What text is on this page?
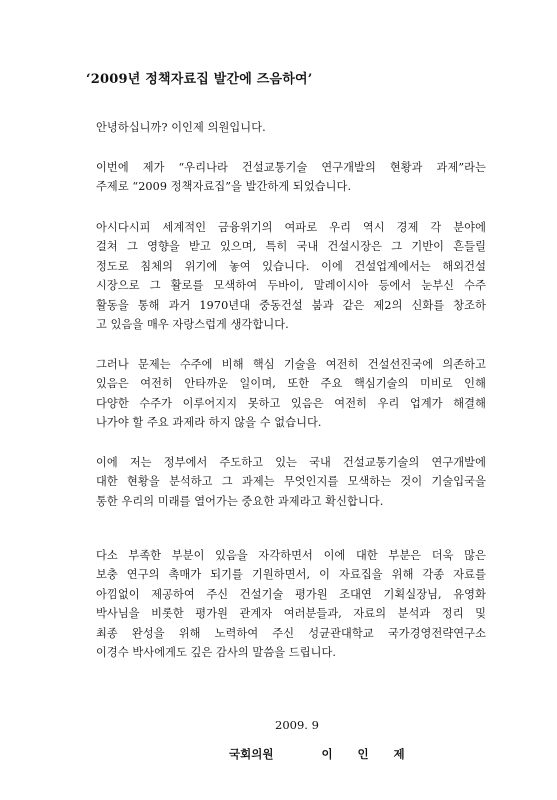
‘2009년 정책자료집 발간에 즈음하여’
안녕하십니까? 이인제 의원입니다.
이번에 제가 “우리나라 건설교통기술 연구개발의 현황과 과제”라는
주제로 “2009 정책자료집”을 발간하게 되었습니다.
아시다시피 세계적인 금융위기의 여파로 우리 역시 경제 각 분야에
걸쳐 그 영향을 받고 있으며, 특히 국내 건설시장은 그 기반이 흔들릴
정도로 침체의 위기에 놓여 있습니다. 이에 건설업계에서는 해외건설
시장으로 그 활로를 모색하여 두바이, 말레이시아 등에서 눈부신 수주
활동을 통해 과거 1970년대 중동건설 붐과 같은 제2의 신화를 창조하
고 있음을 매우 자랑스럽게 생각합니다.
그러나 문제는 수주에 비해 핵심 기술을 여전히 건설선진국에 의존하고
있음은 여전히 안타까운 일이며, 또한 주요 핵심기술의 미비로 인해
다양한 수주가 이루어지지 못하고 있음은 여전히 우리 업계가 해결해
나가야 할 주요 과제라 하지 않을 수 없습니다.
이에 저는 정부에서 주도하고 있는 국내 건설교통기술의 연구개발에
대한 현황을 분석하고 그 과제는 무엇인지를 모색하는 것이 기술입국을
통한 우리의 미래를 열어가는 중요한 과제라고 확신합니다.
다소 부족한 부분이 있음을 자각하면서 이에 대한 부분은 더욱 많은
보충 연구의 촉매가 되기를 기원하면서, 이 자료집을 위해 각종 자료를
아낌없이 제공하여 주신 건설기술 평가원 조대연 기획실장님, 유영화
박사님을 비롯한 평가원 관계자 여러분들과, 자료의 분석과 정리 및
최종 완성을 위해 노력하여 주신 성균관대학교 국가경영전략연구소
이경수 박사에게도 깊은 감사의 말씀을 드립니다.
2009. 9
국회의원	이 인 제
